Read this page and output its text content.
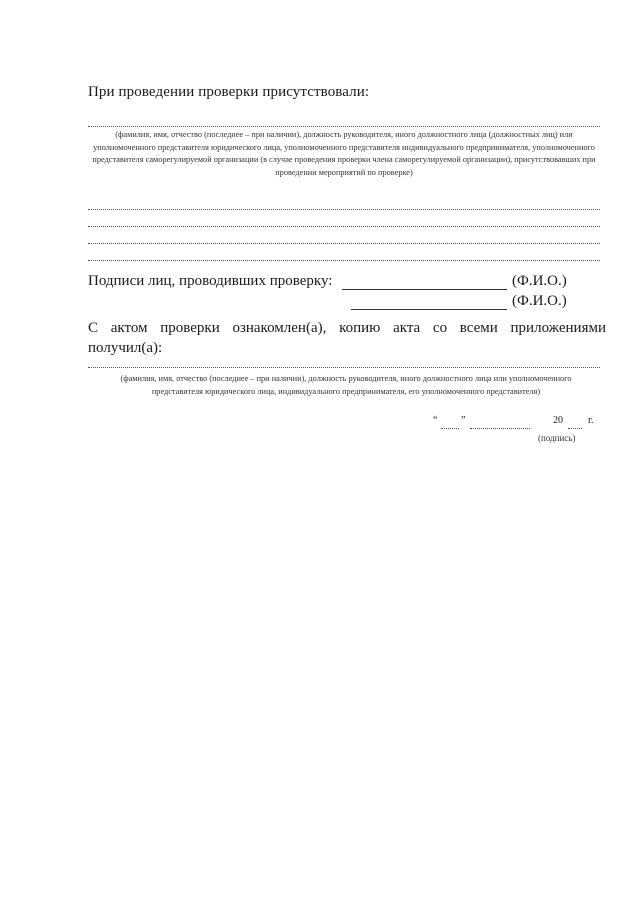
При проведении проверки присутствовали:
(фамилия, имя, отчество (последнее – при наличии), должность руководителя, иного должностного лица (должностных лиц) или уполномоченного представителя юридического лица, уполномоченного представителя индивидуального предпринимателя, уполномоченного представителя саморегулируемой организации (в случае проведения проверки члена саморегулируемой организации), присутствовавших при проведении мероприятий по проверке)
Подписи лиц, проводивших проверку:	(Ф.И.О.)
(Ф.И.О.)
С актом проверки ознакомлен(а), копию акта со всеми приложениями
получил(а):
(фамилия, имя, отчество (последнее – при наличии), должность руководителя, иного должностного лица или уполномоченного представителя юридического лица, индивидуального предпринимателя, его уполномоченного представителя)
“ ”	20	г.
(подпись)
